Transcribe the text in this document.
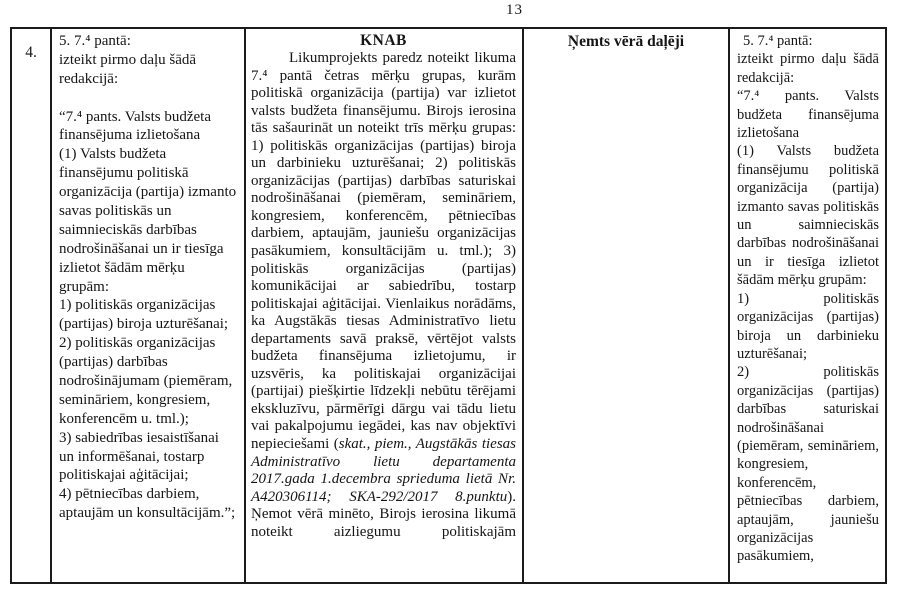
13
4.

5. 7.⁴ pantā:

izteikt pirmo daļu šādā redakcijā:

“7.⁴ pants. Valsts budžeta finansējuma izlietošana

(1) Valsts budžeta finansējumu politiskā organizācija (partija) izmanto savas politiskās un saimnieciskās darbības nodrošināšanai un ir tiesīga izlietot šādām mērķu grupām:

1) politiskās organizācijas (partijas) biroja uzturēšanai;

2) politiskās organizācijas (partijas) darbības nodrošinājumam (piemēram, semināriem, kongresiem, konferencēm u. tml.);

3) sabiedrības iesaistīšanai un informēšanai, tostarp politiskajai aģitācijai;

4) pētniecības darbiem, aptaujām un konsultācijām.”;

KNAB

Likumprojekts paredz noteikt likuma 7.⁴ pantā četras mērķu grupas, kurām politiskā organizācija (partija) var izlietot valsts budžeta finansējumu. Birojs ierosina tās sašaurināt un noteikt trīs mērķu grupas: 1) politiskās organizācijas (partijas) biroja un darbinieku uzturēšanai; 2) politiskās organizācijas (partijas) darbības saturiskai nodrošināšanai (piemēram, semināriem, kongresiem, konferencēm, pētniecības darbiem, aptaujām, jauniešu organizācijas pasākumiem, konsultācijām u. tml.); 3) politiskās organizācijas (partijas) komunikācijai ar sabiedrību, tostarp politiskajai aģitācijai. Vienlaikus norādāms, ka Augstākās tiesas Administratīvo lietu departaments savā praksē, vērtējot valsts budžeta finansējuma izlietojumu, ir uzsvēris, ka politiskajai organizācijai (partijai) piešķirtie līdzekļi nebūtu tērējami ekskluzīvu, pārmērīgi dārgu vai tādu lietu vai pakalpojumu iegādei, kas nav objektīvi nepieciešami (skat., piem., Augstākās tiesas Administratīvo lietu departamenta 2017.gada 1.decembra sprieduma lietā Nr. A420306114; SKA-292/2017 8.punktu). Ņemot vērā minēto, Birojs ierosina likumā noteikt aizliegumu politiskajām

Ņemts vērā daļēji	5. 7.⁴ pantā:

izteikt pirmo daļu šādā redakcijā:

“7.⁴ pants. Valsts budžeta finansējuma izlietošana

(1) Valsts budžeta finansējumu politiskā organizācija (partija) izmanto savas politiskās un saimnieciskās darbības nodrošināšanai un ir tiesīga izlietot šādām mērķu grupām:

1) politiskās organizācijas (partijas) biroja un darbinieku uzturēšanai;

2) politiskās organizācijas (partijas) darbības saturiskai nodrošināšanai (piemēram, semināriem, kongresiem, konferencēm, pētniecības darbiem, aptaujām, jauniešu organizācijas pasākumiem,
